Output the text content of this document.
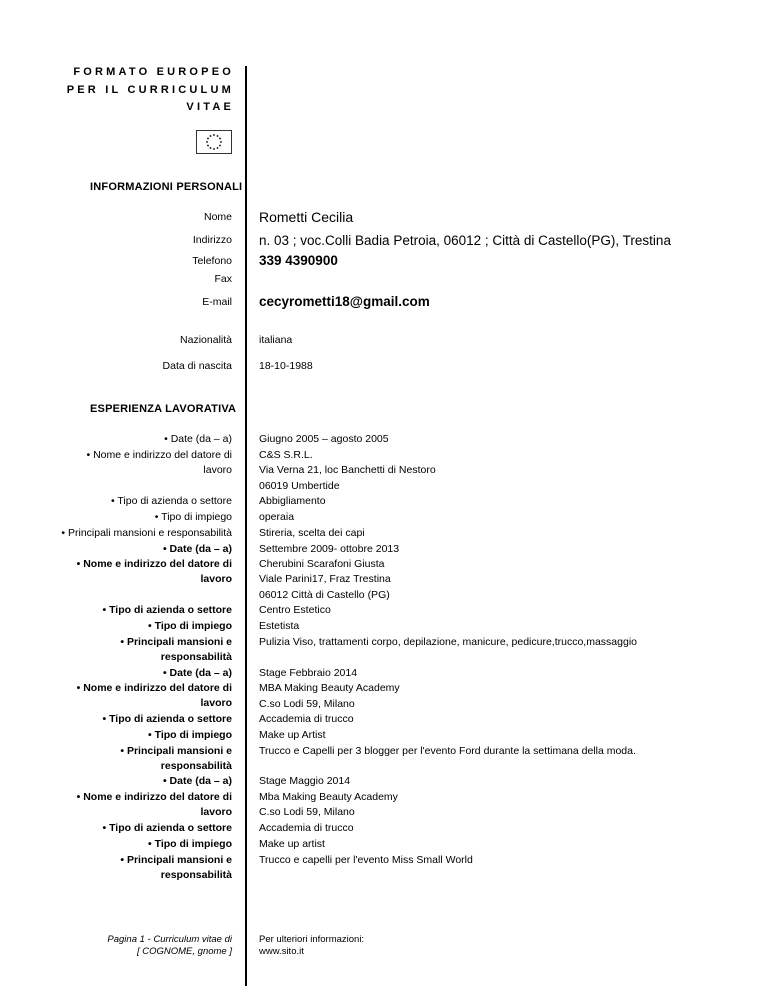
FORMATO EUROPEO
PER IL CURRICULUM
VITAE
INFORMAZIONI PERSONALI
Nome Rometti Cecilia
Indirizzo n. 03 ; voc.Colli Badia Petroia, 06012 ; Città di Castello(PG), Trestina
Telefono 339 4390900
Fax
E-mail cecyrometti18@gmail.com
Nazionalità	italiana
Data di nascita	18-10-1988
ESPERIENZA LAVORATIVA
• Date (da – a)
• Nome e indirizzo del datore di
lavoro
• Tipo di azienda o settore
• Tipo di impiego
• Principali mansioni e responsabilità
Giugno 2005 – agosto 2005
C&S S.R.L.
Via Verna 21, loc Banchetti di Nestoro
06019 Umbertide
Abbigliamento
operaia
Stireria, scelta dei capi
• Date (da – a)
• Nome e indirizzo del datore di
lavoro
• Tipo di azienda o settore
• Tipo di impiego
• Principali mansioni e
responsabilità
Settembre 2009- ottobre 2013
Cherubini Scarafoni Giusta
Viale Parini17, Fraz Trestina
06012 Città di Castello (PG)
Centro Estetico
Estetista
Pulizia Viso, trattamenti corpo, depilazione, manicure, pedicure,trucco,massaggio
• Date (da – a)
• Nome e indirizzo del datore di
lavoro
• Tipo di azienda o settore
• Tipo di impiego
• Principali mansioni e
responsabilità
Stage Febbraio 2014
MBA Making Beauty Academy
C.so Lodi 59, Milano
Accademia di trucco
Make up Artist
Trucco e Capelli per 3 blogger per l'evento Ford durante la settimana della moda.
• Date (da – a)
• Nome e indirizzo del datore di
lavoro
• Tipo di azienda o settore
• Tipo di impiego
• Principali mansioni e
responsabilità
Stage Maggio 2014
Mba Making Beauty Academy
C.so Lodi 59, Milano
Accademia di trucco
Make up artist
Trucco e capelli per l'evento Miss Small World
Pagina 1 - Curriculum vitae di
[ COGNOME, gnome ]
Per ulteriori informazioni:
www.sito.it
